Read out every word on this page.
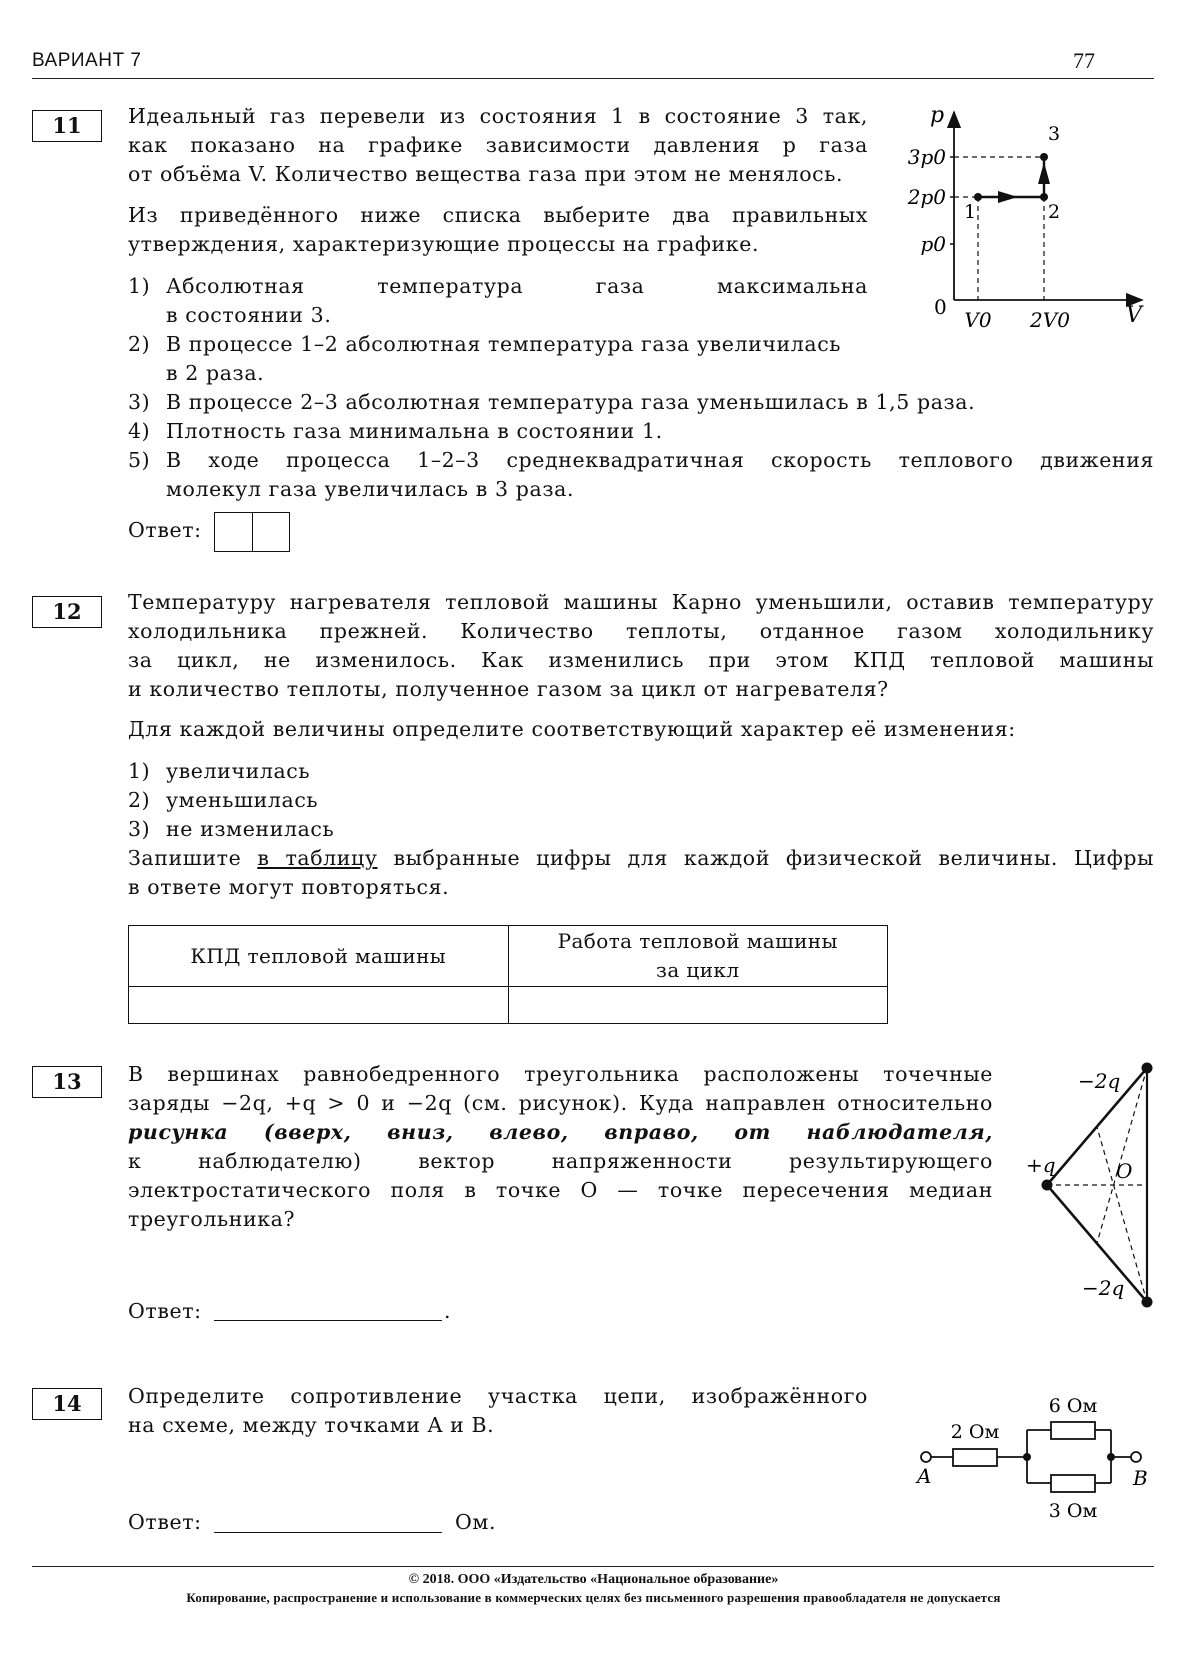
ВАРИАНТ 7	77
11	Идеальный газ перевели из состояния 1 в состояние 3 так,
как показано на графике зависимости давления p газа
от объёма V. Количество вещества газа при этом не менялось.
Из приведённого ниже списка выберите два правильных
утверждения, характеризующие процессы на графике.
1) Абсолютная температура газа максимальна
в состоянии 3.
2) В процессе 1–2 абсолютная температура газа увеличилась
в 2 раза.
3) В процессе 2–3 абсолютная температура газа уменьшилась в 1,5 раза.
4) Плотность газа минимальна в состоянии 1.
5) В ходе процесса 1–2–3 среднеквадратичная скорость теплового движения
молекул газа увеличилась в 3 раза.
Ответ:
p
V
0
3p0
2p0
p0
V0 2V0
1	2
3
12	Температуру нагревателя тепловой машины Карно уменьшили, оставив температуру
холодильника прежней. Количество теплоты, отданное газом холодильнику
за цикл, не изменилось. Как изменились при этом КПД тепловой машины
и количество теплоты, полученное газом за цикл от нагревателя?
Для каждой величины определите соответствующий характер её изменения:
1) увеличилась
2) уменьшилась
3) не изменилась
Запишите в таблицу выбранные цифры для каждой физической величины. Цифры
в ответе могут повторяться.
КПД тепловой машины	Работа тепловой машины
за цикл

13	В вершинах равнобедренного треугольника расположены точечные
заряды −2q, +q > 0 и −2q (см. рисунок). Куда направлен относительно
рисунка (вверх, вниз, влево, вправо, от наблюдателя,
к наблюдателю) вектор напряженности результирующего
электростатического поля в точке O — точке пересечения медиан
треугольника?
Ответ:	.
−2q
+q
−2q
O
14	Определите сопротивление участка цепи, изображённого
на схеме, между точками A и B.
Ответ:	Ом.
2 Ом
6 Ом
3 Ом
A	B
© 2018. ООО «Издательство «Национальное образование»
Копирование, распространение и использование в коммерческих целях без письменного разрешения правообладателя не допускается
